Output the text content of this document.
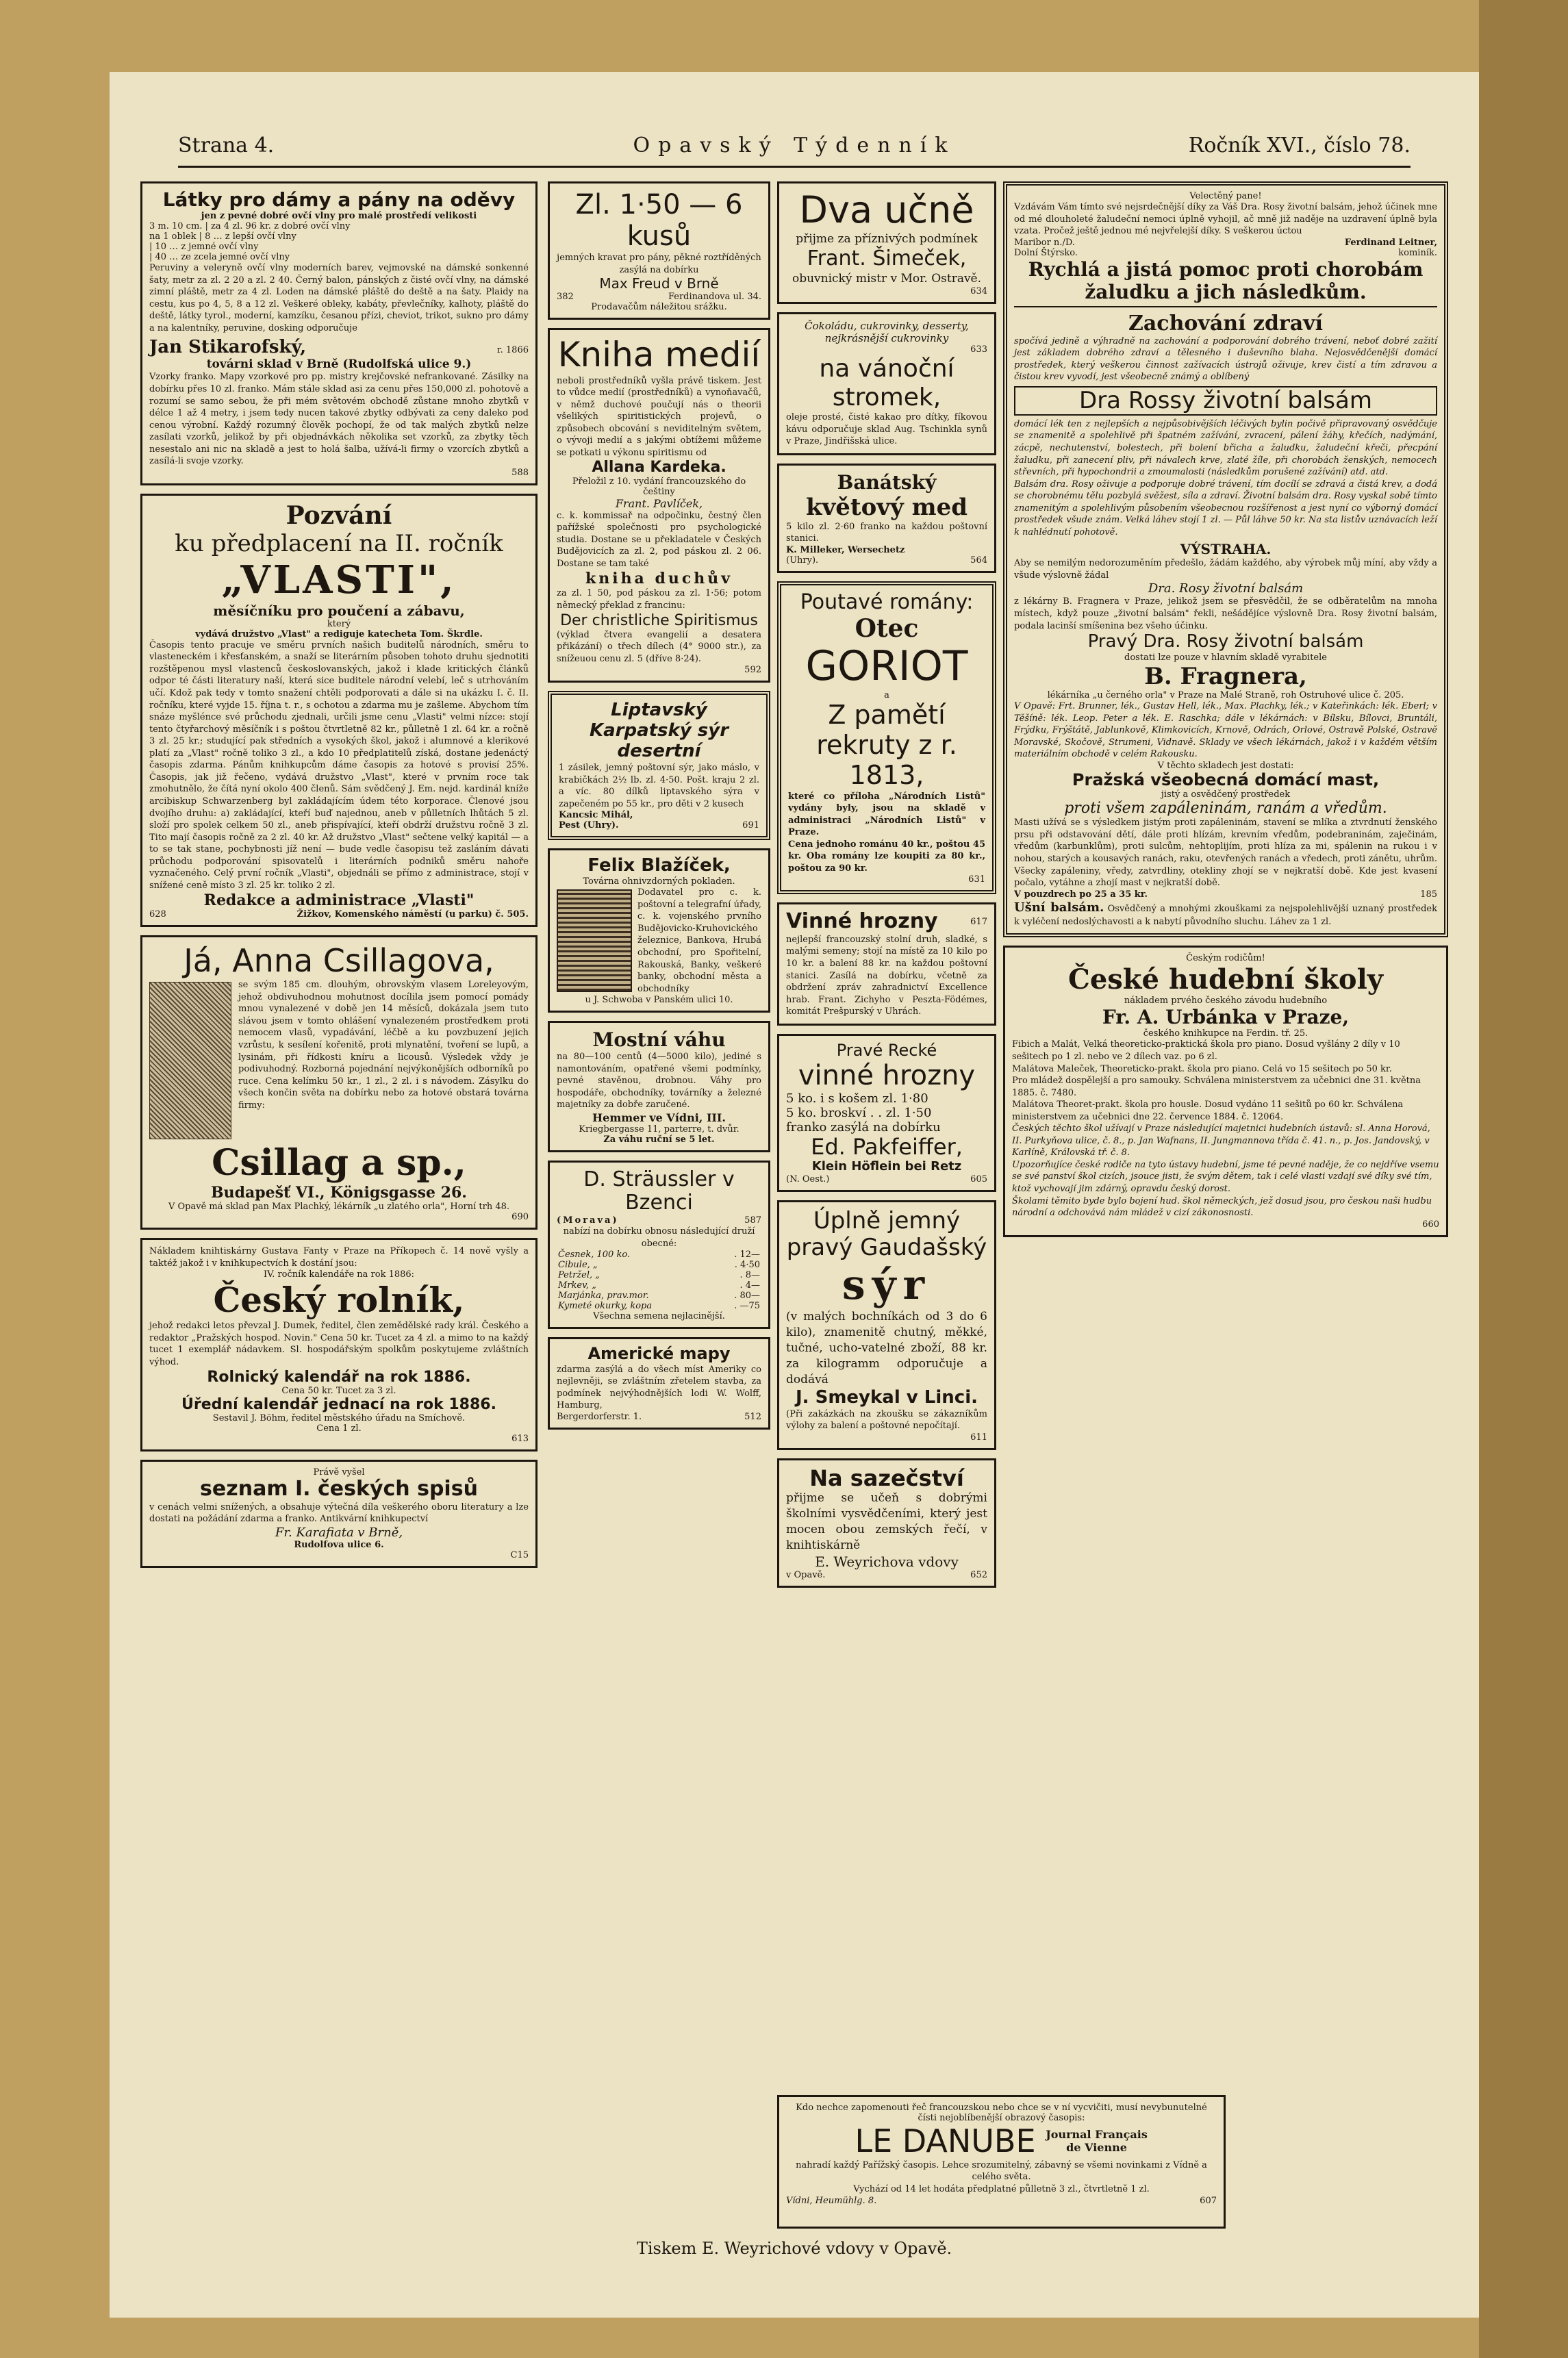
Strana 4.	Opavský Týdenník	Ročník XVI., číslo 78.
Látky pro dámy a pány na oděvy
jen z pevné dobré ovčí vlny pro malé prostředí velikosti
3 m. 10 cm. | za 4 zl. 96 kr. z dobré ovčí vlny
na 1 oblek | 8 … z lepší ovčí vlny
| 10 … z jemné ovčí vlny
| 40 … ze zcela jemné ovčí vlny
Peruviny a veleryně ovčí vlny moderních barev, vejmovské na dámské sonkenné šaty, metr za zl. 2 20 a zl. 2 40. Černý balon, pánských z čisté ovčí vlny, na dámské zimní pláště, metr za 4 zl. Loden na dámské pláště do deště a na šaty. Plaidy na cestu, kus po 4, 5, 8 a 12 zl. Veškeré obleky, kabáty, převlečníky, kalhoty, pláště do deště, látky tyrol., moderní, kamzíku, česanou přízi, cheviot, trikot, sukno pro dámy a na kalentníky, peruvine, dosking odporučuje
Jan Stikarofský,	r. 1866
továrni sklad v Brně (Rudolfská ulice 9.)
Vzorky franko. Mapy vzorkové pro pp. mistry krejčovské nefrankované. Zásilky na dobírku přes 10 zl. franko. Mám stále sklad asi za cenu přes 150,000 zl. pohotově a rozumí se samo sebou, že při mém světovém obchodě zůstane mnoho zbytků v délce 1 až 4 metry, i jsem tedy nucen takové zbytky odbývati za ceny daleko pod cenou výrobní. Každý rozumný člověk pochopí, že od tak malých zbytků nelze zasílati vzorků, jelikož by při objednávkách několika set vzorků, za zbytky těch nesestalo ani nic na skladě a jest to holá šalba, užívá-li firmy o vzorcích zbytků a zasílá-li svoje vzorky.
588
Pozvání
ku předplacení na II. ročník
„VLASTI",
měsíčníku pro poučení a zábavu,
který
vydává družstvo „Vlast" a rediguje katecheta Tom. Škrdle.
Časopis tento pracuje ve směru prvních našich buditelů národních, směru to vlasteneckém i křesťanském, a snaží se literárním působen tohoto druhu sjednotiti rozštěpenou mysl vlastenců českoslovanských, jakož i klade kritických článků odpor té části literatury naší, která sice buditele národní velebí, leč s utrhováním učí. Kdož pak tedy v tomto snažení chtěli podporovati a dále si na ukázku I. č. II. ročníku, které vyjde 15. října t. r., s ochotou a zdarma mu je zašleme. Abychom tím snáze myšlénce své průchodu zjednali, určili jsme cenu „Vlasti" velmi nízce: stojí tento čtyřarchový měsíčník i s poštou čtvrtletně 82 kr., půlletně 1 zl. 64 kr. a ročně 3 zl. 25 kr.; studující pak středních a vysokých škol, jakož i alumnové a klerikové platí za „Vlast" ročně toliko 3 zl., a kdo 10 předplatitelů získá, dostane jedenáctý časopis zdarma. Pánům knihkupcům dáme časopis za hotové s provisí 25%. Časopis, jak již řečeno, vydává družstvo „Vlast", které v prvním roce tak zmohutnělo, že čítá nyní okolo 400 členů. Sám svědčený J. Em. nejd. kardinál kníže arcibiskup Schwarzenberg byl zakládajícím údem této korporace. Členové jsou dvojího druhu: a) zakládající, kteří buď najednou, aneb v půlletních lhůtách 5 zl. složí pro spolek celkem 50 zl., aneb přispívající, kteří obdrží družstvu ročně 3 zl. Tito mají časopis ročně za 2 zl. 40 kr. Až družstvo „Vlast" sečtene velký kapitál — a to se tak stane, pochybnosti jíž není — bude vedle časopisu tež zasláním dávati průchodu podporování spisovatelů i literárních podniků směru nahoře vyznačeného. Celý první ročník „Vlasti", objednáli se přímo z administrace, stojí v snížené ceně místo 3 zl. 25 kr. toliko 2 zl.
Redakce a administrace „Vlasti"
628	Žižkov, Komenského náměstí (u parku) č. 505.
Já, Anna Csillagova,
se svým 185 cm. dlouhým, obrovským vlasem Loreleyovým, jehož obdivuhodnou mohutnost docílila jsem pomocí pomády mnou vynalezené v době jen 14 měsíců, dokázala jsem tuto slávou jsem v tomto ohlášení vynalezeném prostředkem proti nemocem vlasů, vypadávání, léčbě a ku povzbuzení jejich vzrůstu, k sesílení kořenitě, proti mlynatění, tvoření se lupů, a lysinám, při řídkosti kníru a licousů. Výsledek vždy je podivuhodný. Rozborná pojednání nejvýkonějších odborníků po ruce. Cena kelímku 50 kr., 1 zl., 2 zl. i s návodem. Zásylku do všech končin světa na dobírku nebo za hotové obstará továrna firmy:
Csillag a sp.,
Budapešť VI., Königsgasse 26.
V Opavě má sklad pan Max Plachký, lékárník „u zlatého orla", Horní trh 48.
690
Nákladem knihtiskárny Gustava Fanty v Praze na Příkopech č. 14 nově vyšly a taktéž jakož i v knihkupectvích k dostání jsou:
IV. ročník kalendáře na rok 1886:
Český rolník,
jehož redakci letos převzal J. Dumek, ředitel, člen zemědělské rady král. Českého a redaktor „Pražských hospod. Novin." Cena 50 kr. Tucet za 4 zl. a mimo to na každý tucet 1 exemplář nádavkem. Sl. hospodářským spolkům poskytujeme zvláštních výhod.
Rolnický kalendář na rok 1886.
Cena 50 kr. Tucet za 3 zl.
Úřední kalendář jednací na rok 1886.
Sestavil J. Böhm, ředitel městského úřadu na Smíchově.
Cena 1 zl.
613
Právě vyšel
seznam I. českých spisů
v cenách velmi snížených, a obsahuje výtečná díla veškerého oboru literatury a lze dostati na požádání zdarma a franko. Antikvární knihkupectví
Fr. Karafiata v Brně,
Rudolfova ulice 6.
C15
Zl. 1·50 — 6 kusů
jemných kravat pro pány, pěkné roztříděných zasýlá na dobírku
Max Freud v Brně
382	Ferdinandova ul. 34.
Prodavačům náležitou srážku.
Kniha medií
neboli prostředníků vyšla právě tiskem. Jest to vůdce medií (prostředníků) a vynoňavačů, v němž duchové poučují nás o theorii všelikých spiritistických projevů, o způsobech obcování s neviditelným světem, o vývoji medií a s jakými obtížemi můžeme se potkati u výkonu spiritismu od
Allana Kardeka.
Přeložil z 10. vydání francouzského do češtiny
Frant. Pavlíček,
c. k. kommissař na odpočinku, čestný člen pařížské společnosti pro psychologické studia. Dostane se u překladatele v Českých Budějovicích za zl. 2, pod páskou zl. 2 06. Dostane se tam také
kniha duchův
za zl. 1 50, pod páskou za zl. 1·56; potom německý překlad z francinu:
Der christliche Spiritismus
(výklad čtvera evangelií a desatera přikázání) o třech dílech (4° 9000 str.), za snížeuou cenu zl. 5 (dříve 8·24).
592
Liptavský Karpatský sýr desertní
1 zásilek, jemný poštovní sýr, jako máslo, v krabičkách 2½ lb. zl. 4·50. Pošt. kraju 2 zl. a víc. 80 dílků liptavského sýra v zapečeném po 55 kr., pro děti v 2 kusech
Kancsic Mihál,
Pest (Uhry).	691
Felix Blažíček,
Továrna ohnivzdorných pokladen.
Dodavatel pro c. k. poštovní a telegrafní úřady, c. k. vojenského prvního Budějovicko-Kruhovického železnice, Bankova, Hrubá obchodní, pro Spořitelní, Rakouská, Banky, veškeré banky, obchodní města a obchodníky
u J. Schwoba v Panském ulici 10.
Mostní váhu
na 80—100 centů (4—5000 kilo), jediné s namontováním, opatřené všemi podmínky, pevné stavěnou, drobnou. Váhy pro hospodáře, obchodníky, továrníky a železné majetníky za dobře zaručené.
Hemmer ve Vídni, III.
Kriegbergasse 11, parterre, t. dvůr.
Za váhu ruční se 5 let.
D. Sträussler v Bzenci
(Morava)	587
nabízí na dobírku obnosu následující druží obecné:
Česnek, 100 ko.	. 12—
Cibule, „	. 4·50
Petržel, „	. 8—
Mrkev, „	. 4—
Marjánka, prav.mor.	. 80—
Kymeté okurky, kopa	. —75
Všechna semena nejlacinější.
Americké mapy
zdarma zasýlá a do všech míst Ameriky co nejlevněji, se zvláštním zřetelem stavba, za podmínek nejvýhodnějších lodi W. Wolff, Hamburg,
Bergerdorferstr. 1.	512
Dva učně
přijme za příznivých podmínek
Frant. Šimeček,
obuvnický mistr v Mor. Ostravě.
634
Čokoládu, cukrovinky, desserty, nejkrásnější cukrovinky
633
na vánoční stromek,
oleje prosté, čisté kakao pro dítky, fíkovou kávu odporučuje sklad Aug. Tschinkla synů v Praze, Jindřišská ulice.
Banátský
květový med
5 kilo zl. 2·60 franko na každou poštovní stanici.
K. Milleker, Wersechetz
(Uhry).	564
Poutavé romány:
Otec
GORIOT
a
Z pamětí rekruty z r. 1813,
které co příloha „Národních Listů" vydány byly, jsou na skladě v administraci „Národních Listů" v Praze.
Cena jednoho románu 40 kr., poštou 45 kr. Oba romány lze koupiti za 80 kr., poštou za 90 kr.
631
Vinné hrozny	617
nejlepší francouzský stolní druh, sladké, s malými semeny; stojí na místě za 10 kilo po 10 kr. a balení 88 kr. na každou poštovní stanici. Zasílá na dobírku, včetně za obdržení zpráv zahradnictví Excellence hrab. Frant. Zichyho v Peszta-Födémes, komitát Prešpurský v Uhrách.
Pravé Recké
vinné hrozny
5 ko. i s košem zl. 1·80
5 ko. broskví . . zl. 1·50
franko zasýlá na dobírku
Ed. Pakfeiffer,
Klein Höflein bei Retz
(N. Oest.)	605
Úplně jemný pravý Gaudašský
sýr
(v malých bochníkách od 3 do 6 kilo), znamenitě chutný, měkké, tučné, ucho-vatelné zboží, 88 kr. za kilogramm odporučuje a dodává
J. Smeykal v Linci.
(Při zakázkách na zkoušku se zákazníkům výlohy za balení a poštovné nepočítají.
611
Na sazečství
přijme se učeň s dobrými školními vysvědčeními, který jest mocen obou zemských řečí, v knihtiskárně
E. Weyrichova vdovy
v Opavě.	652
Velectěný pane!
Vzdávám Vám tímto své nejsrdečnější díky za Váš Dra. Rosy životní balsám, jehož účinek mne od mé dlouholeté žaludeční nemoci úplně vyhojil, ač mně již naděje na uzdravení úplně byla vzata. Pročež ještě jednou mé nejvřelejší díky. S veškerou úctou
Maribor n./D.	Ferdinand Leitner,
Dolní Štýrsko.	kominík.
Rychlá a jistá pomoc proti chorobám žaludku a jich následkům.
Zachování zdraví
spočívá jedině a výhradně na zachování a podporování dobrého trávení, neboť dobré zažití jest základem dobrého zdraví a tělesného i duševního blaha. Nejosvědčenější domácí prostředek, který veškerou činnost zažívacích ústrojů oživuje, krev čistí a tím zdravou a čistou krev vyvodí, jest všeobecně známý a oblíbený
Dra Rossy životní balsám
domácí lék ten z nejlepších a nejpůsobivějších léčivých bylin počivě připravovaný osvědčuje se znamenitě a spolehlivě při špatném zažívání, zvracení, pálení žáhy, křečích, nadýmání, zácpě, nechutenství, bolestech, při bolení břicha a žaludku, žaludeční křeči, přecpání žaludku, při zanecení pliv, při návalech krve, zlaté žíle, při chorobách ženských, nemocech střevních, při hypochondrii a zmoumalosti (následkům porušené zažívání) atd. atd.
Balsám dra. Rosy oživuje a podporuje dobré trávení, tím docílí se zdravá a čistá krev, a dodá se chorobnému tělu pozbylá svěžest, síla a zdraví. Životní balsám dra. Rosy vyskal sobě tímto znamenitým a spolehlivým působením všeobecnou rozšířenost a jest nyní co výborný domácí prostředek všude znám. Velká láhev stojí 1 zl. — Půl láhve 50 kr. Na sta listův uznávacích leží k nahlédnutí pohotově.
VÝSTRAHA.
Aby se nemilým nedorozuměním předešlo, žádám každého, aby výrobek můj míní, aby vždy a všude výslovně žádal
Dra. Rosy životní balsám
z lékárny B. Fragnera v Praze, jelikož jsem se přesvědčil, že se odběratelům na mnoha místech, když pouze „životní balsám" řekli, nešádějíce výslovně Dra. Rosy životní balsám, podala lacinší smíšenina bez všeho účinku.
Pravý Dra. Rosy životní balsám
dostati lze pouze v hlavním skladě vyrabitele
B. Fragnera,
lékárníka „u černého orla" v Praze na Malé Straně, roh Ostruhové ulice č. 205.
V Opavě: Frt. Brunner, lék., Gustav Hell, lék., Max. Plachky, lék.; v Kateřinkách: lék. Eberl; v Těšíně: lék. Leop. Peter a lék. E. Raschka; dále v lékárnách: v Bílsku, Bílovci, Bruntáli, Frýdku, Frýštátě, Jablunkově, Klimkovicích, Krnově, Odrách, Orlové, Ostravě Polské, Ostravě Moravské, Skočově, Strumeni, Vidnavě. Sklady ve všech lékárnách, jakož i v každém větším materiálním obchodě v celém Rakousku.
V těchto skladech jest dostati:
Pražská všeobecná domácí mast,
jistý a osvědčený prostředek
proti všem zapáleninám, ranám a vředům.
Masti užívá se s výsledkem jistým proti zapáleninám, stavení se mlíka a ztvrdnutí ženského prsu při odstavování dětí, dále proti hlízám, krevním vředům, podebraninám, zaječinám, vředům (karbunklům), proti sulcům, nehtoplijím, proti hlíza za mi, spálenin na rukou i v nohou, starých a kousavých ranách, raku, otevřených ranách a vředech, proti zánětu, uhrům. Všecky zapáleniny, vředy, zatvrdliny, otekliny zhojí se v nejkratší době. Kde jest kvasení počalo, vytáhne a zhojí mast v nejkratší době.
V pouzdrech po 25 a 35 kr.	185
Ušní balsám. Osvědčený a mnohými zkouškami za nejspolehlivější uznaný prostředek k vyléčení nedoslýchavosti a k nabytí původního sluchu. Láhev za 1 zl.
Českým rodičům!
České hudební školy
nákladem prvého českého závodu hudebního
Fr. A. Urbánka v Praze,
českého knihkupce na Ferdin. tř. 25.
Fibich a Malát, Velká theoreticko-praktická škola pro piano. Dosud vyšlány 2 díly v 10 sešitech po 1 zl. nebo ve 2 dílech vaz. po 6 zl.
Malátova Maleček, Theoreticko-prakt. škola pro piano. Celá vo 15 sešitech po 50 kr.
Pro mládež dospělejší a pro samouky. Schválena ministerstvem za učebnici dne 31. května 1885. č. 7480.
Malátova Theoret-prakt. škola pro housle. Dosud vydáno 11 sešitů po 60 kr. Schválena ministerstvem za učebnici dne 22. července 1884. č. 12064.
Českých těchto škol užívají v Praze následující majetnici hudebních ústavů: sl. Anna Horová, II. Purkyňova ulice, č. 8., p. Jan Wafnans, II. Jungmannova třída č. 41. n., p. Jos. Jandovský, v Karlíně, Královská tř. č. 8.
Upozorňujíce české rodiče na tyto ústavy hudební, jsme té pevné naděje, že co nejdříve vsemu se své panství škol cizích, jsouce jisti, že svým dětem, tak i celé vlasti vzdají své díky své tím, ktož vychovají jim zdárný, opravdu český dorost.
Školami těmito byde bylo bojení hud. škol německých, jež dosud jsou, pro českou naši hudbu národní a odchovává nám mládež v cizí zákonosnosti.
660
Kdo nechce zapomenouti řeč francouzskou nebo chce se v ní vycvičiti, musí nevybunutelné čísti nejoblíbenější obrazový časopis:
LE DANUBE Journal Français de Vienne
nahradí každý Pařížský časopis. Lehce srozumitelný, zábavný se všemi novinkami z Vídně a celého světa.
Vychází od 14 let hodáta předplatné půlletně 3 zl., čtvrtletně 1 zl.
Vídni, Heumühlg. 8.	607
Tiskem E. Weyrichové vdovy v Opavě.
